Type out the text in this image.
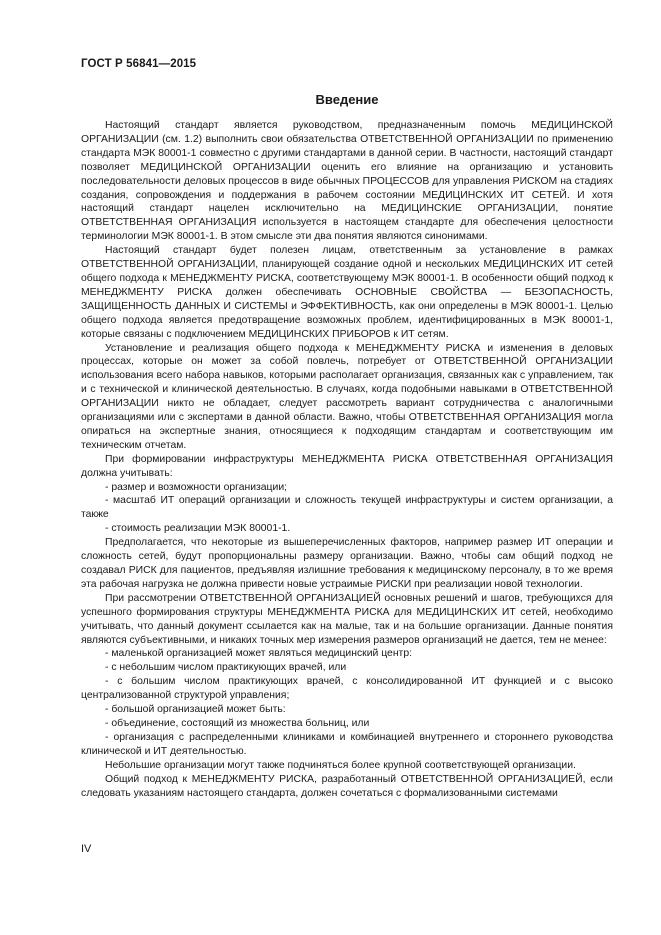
ГОСТ Р 56841—2015
Введение

Настоящий стандарт является руководством, предназначенным помочь МЕДИЦИНСКОЙ ОРГАНИЗАЦИИ (см. 1.2) выполнить свои обязательства ОТВЕТСТВЕННОЙ ОРГАНИЗАЦИИ по применению стандарта МЭК 80001-1 совместно с другими стандартами в данной серии. В частности, настоящий стандарт позволяет МЕДИЦИНСКОЙ ОРГАНИЗАЦИИ оценить его влияние на организацию и установить последовательности деловых процессов в виде обычных ПРОЦЕССОВ для управления РИСКОМ на стадиях создания, сопровождения и поддержания в рабочем состоянии МЕДИЦИНСКИХ ИТ СЕТЕЙ. И хотя настоящий стандарт нацелен исключительно на МЕДИЦИНСКИЕ ОРГАНИЗАЦИИ, понятие ОТВЕТСТВЕННАЯ ОРГАНИЗАЦИЯ используется в настоящем стандарте для обеспечения целостности терминологии МЭК 80001-1. В этом смысле эти два понятия являются синонимами.

Настоящий стандарт будет полезен лицам, ответственным за установление в рамках ОТВЕТСТВЕННОЙ ОРГАНИЗАЦИИ, планирующей создание одной и нескольких МЕДИЦИНСКИХ ИТ сетей общего подхода к МЕНЕДЖМЕНТУ РИСКА, соответствующему МЭК 80001-1. В особенности общий подход к МЕНЕДЖМЕНТУ РИСКА должен обеспечивать ОСНОВНЫЕ СВОЙСТВА — БЕЗОПАСНОСТЬ, ЗАЩИЩЕННОСТЬ ДАННЫХ И СИСТЕМЫ и ЭФФЕКТИВНОСТЬ, как они определены в МЭК 80001-1. Целью общего подхода является предотвращение возможных проблем, идентифицированных в МЭК 80001-1, которые связаны с подключением МЕДИЦИНСКИХ ПРИБОРОВ к ИТ сетям.

Установление и реализация общего подхода к МЕНЕДЖМЕНТУ РИСКА и изменения в деловых процессах, которые он может за собой повлечь, потребует от ОТВЕТСТВЕННОЙ ОРГАНИЗАЦИИ использования всего набора навыков, которыми располагает организация, связанных как с управлением, так и с технической и клинической деятельностью. В случаях, когда подобными навыками в ОТВЕТСТВЕННОЙ ОРГАНИЗАЦИИ никто не обладает, следует рассмотреть вариант сотрудничества с аналогичными организациями или с экспертами в данной области. Важно, чтобы ОТВЕТСТВЕННАЯ ОРГАНИЗАЦИЯ могла опираться на экспертные знания, относящиеся к подходящим стандартам и соответствующим им техническим отчетам.

При формировании инфраструктуры МЕНЕДЖМЕНТА РИСКА ОТВЕТСТВЕННАЯ ОРГАНИЗАЦИЯ должна учитывать:

- размер и возможности организации;

- масштаб ИТ операций организации и сложность текущей инфраструктуры и систем организации, а также

- стоимость реализации МЭК 80001-1.

Предполагается, что некоторые из вышеперечисленных факторов, например размер ИТ операции и сложность сетей, будут пропорциональны размеру организации. Важно, чтобы сам общий подход не создавал РИСК для пациентов, предъявляя излишние требования к медицинскому персоналу, в то же время эта рабочая нагрузка не должна привести новые устраимые РИСКИ при реализации новой технологии.

При рассмотрении ОТВЕТСТВЕННОЙ ОРГАНИЗАЦИЕЙ основных решений и шагов, требующихся для успешного формирования структуры МЕНЕДЖМЕНТА РИСКА для МЕДИЦИНСКИХ ИТ сетей, необходимо учитывать, что данный документ ссылается как на малые, так и на большие организации. Данные понятия являются субъективными, и никаких точных мер измерения размеров организаций не дается, тем не менее:

- маленькой организацией может являться медицинский центр:

- с небольшим числом практикующих врачей, или

- с большим числом практикующих врачей, с консолидированной ИТ функцией и с высоко централизованной структурой управления;

- большой организацией может быть:

- объединение, состоящий из множества больниц, или

- организация с распределенными клиниками и комбинацией внутреннего и стороннего руководства клинической и ИТ деятельностью.

Небольшие организации могут также подчиняться более крупной соответствующей организации.

Общий подход к МЕНЕДЖМЕНТУ РИСКА, разработанный ОТВЕТСТВЕННОЙ ОРГАНИЗАЦИЕЙ, если следовать указаниям настоящего стандарта, должен сочетаться с формализованными системами

IV
